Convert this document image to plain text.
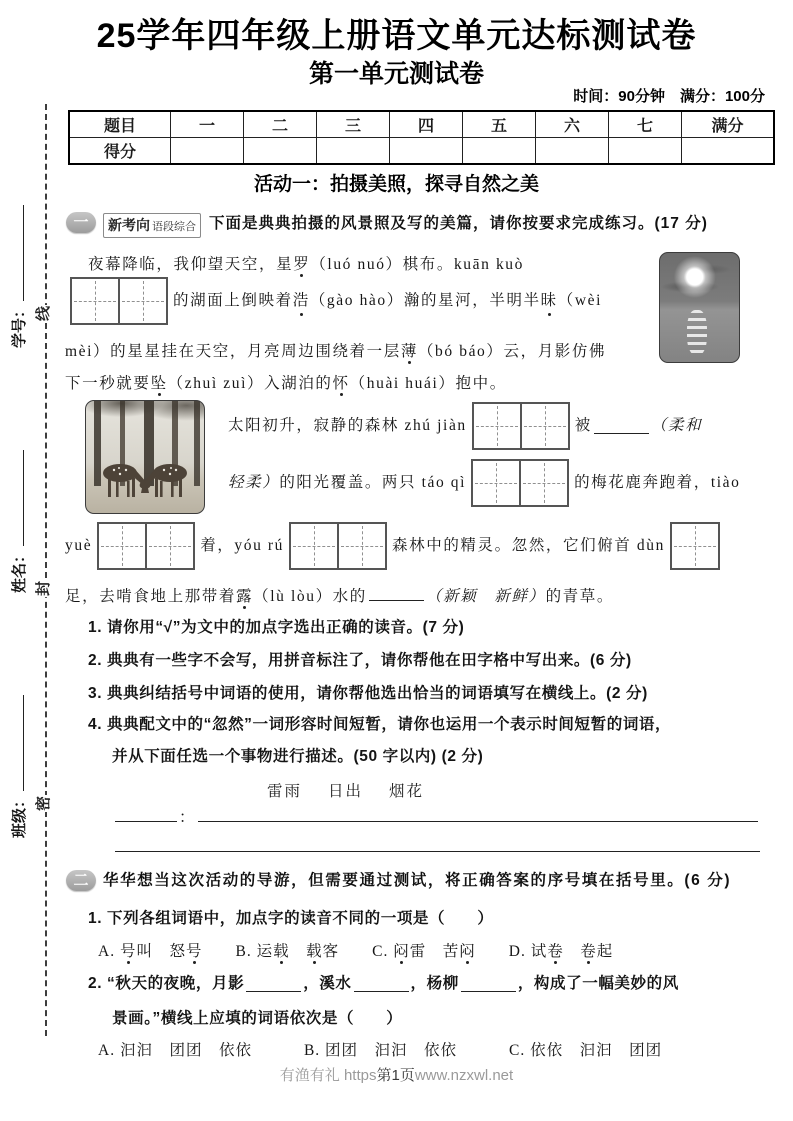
线
封
密
班级：
姓名：
学号：
25学年四年级上册语文单元达标测试卷
第一单元测试卷
时间：90分钟　满分：100分
题目	一	二	三	四	五	六	七	满分
得分								
活动一：拍摄美照，探寻自然之美
一	新考向 语段综合 下面是典典拍摄的风景照及写的美篇，请你按要求完成练习。(17 分)
夜幕降临，我仰望天空，星罗（luó nuó）棋布。kuān kuò
的湖面上倒映着 浩 （gào hào）瀚的星河，半明半 昧 （wèi
mèi）的星星挂在天空，月亮周边围绕着一层薄（bó báo）云，月影仿佛
下一秒就要坠（zhuì zuì）入湖泊的怀（huài huái）抱中。
太阳初升，寂静的森林 zhú jiàn	被	（柔和
轻柔） 的阳光覆盖。两只 táo qì	的梅花鹿奔跑着，tiào
yuè	着，yóu rú	森林中的精灵。忽然，它们俯首 dùn
足，去啃食地上那带着露（lù lòu）水的	（新颖　新鲜）的青草。
1. 请你用“√”为文中的加点字选出正确的读音。(7 分)
2. 典典有一些字不会写，用拼音标注了，请你帮他在田字格中写出来。(6 分)
3. 典典纠结括号中词语的使用，请你帮他选出恰当的词语填写在横线上。(2 分)
4. 典典配文中的“忽然”一词形容时间短暂，请你也运用一个表示时间短暂的词语，
并从下面任选一个事物进行描述。(50 字以内) (2 分)
雷雨 日出 烟花
：
二 华华想当这次活动的导游，但需要通过测试，将正确答案的序号填在括号里。(6 分)
1. 下列各组词语中，加点字的读音不同的一项是（　　）
A. 号叫　怒号　　B. 运载　 载客　　C. 闷雷　苦闷　　D. 试卷　 卷起
2. “秋天的夜晚，月影	，溪水	，杨柳	，构成了一幅美妙的风
景画。”横线上应填的词语依次是（　　）
A. 汩汩　团团　依依	B. 团团　汩汩　依依	C. 依依　汩汩　团团
有渔有礼 https第1页www.nzxwl.net
